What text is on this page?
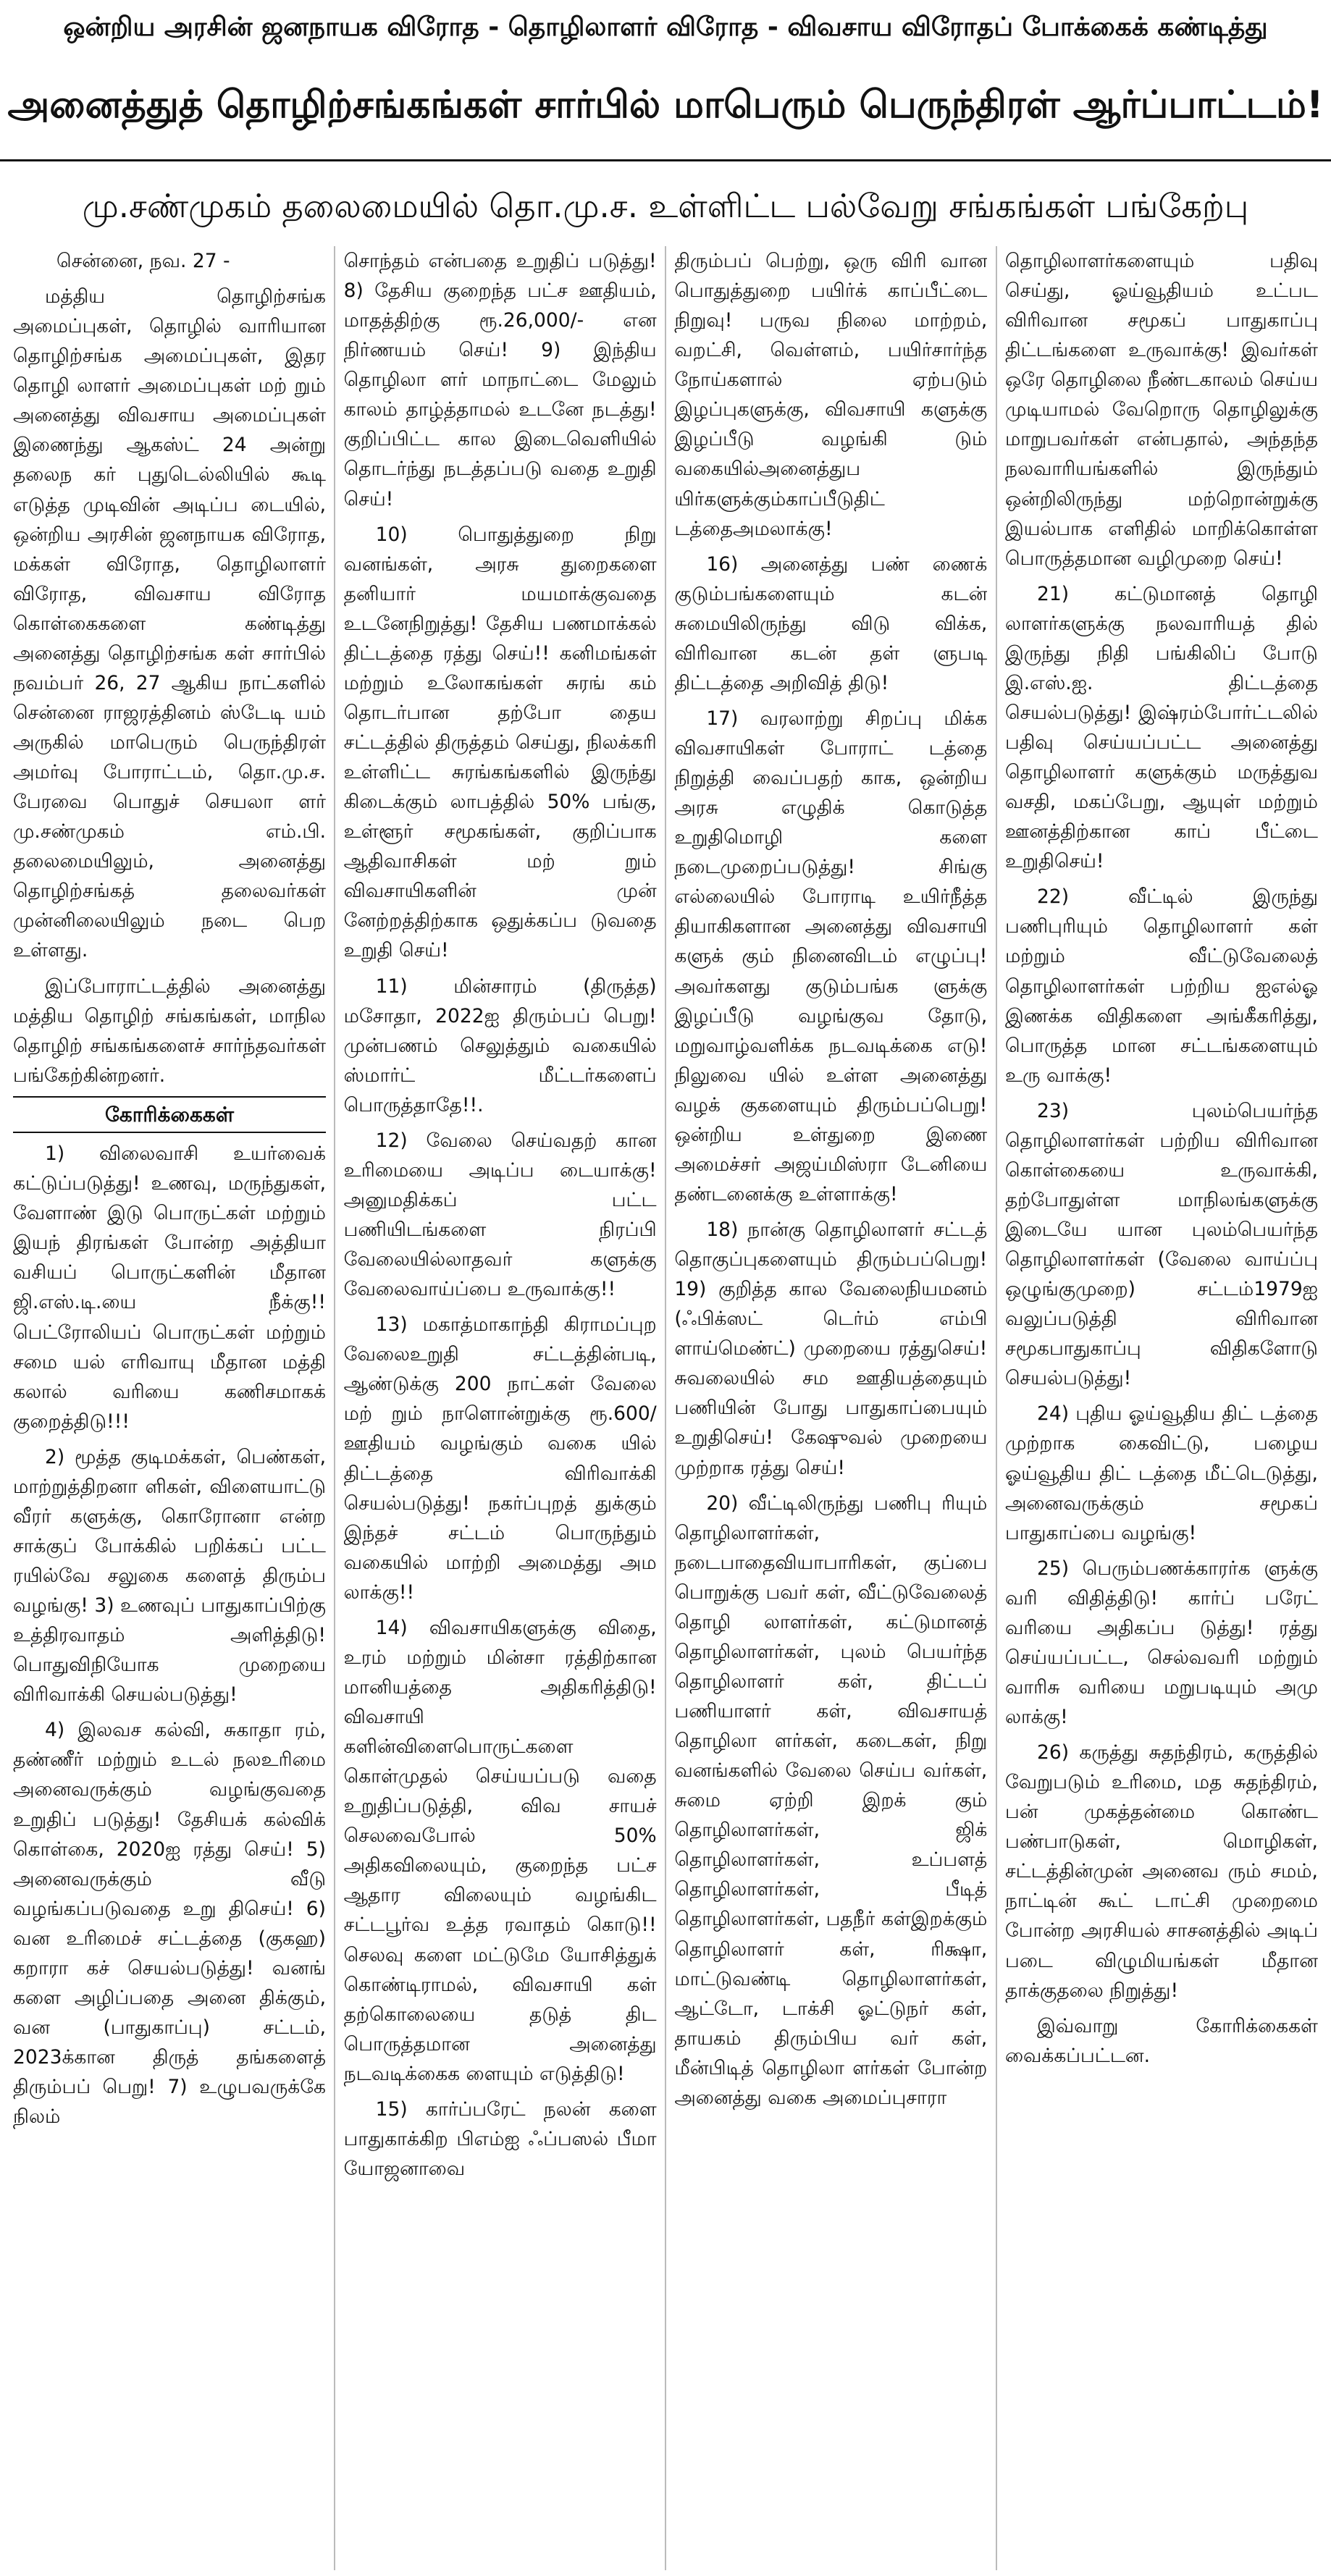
ஒன்றிய அரசின் ஜனநாயக விரோத - தொழிலாளர் விரோத - விவசாய விரோதப் போக்கைக் கண்டித்து
அனைத்துத் தொழிற்சங்கங்கள் சார்பில் மாபெரும் பெருந்திரள் ஆர்ப்பாட்டம்!
மு.சண்முகம் தலைமையில் தொ.மு.ச. உள்ளிட்ட பல்வேறு சங்கங்கள் பங்கேற்பு

சென்னை, நவ. 27 -

மத்திய தொழிற்சங்க அமைப்புகள், தொழில் வாரியான தொழிற்சங்க அமைப்புகள், இதர தொழி லாளர் அமைப்புகள் மற் றும் அனைத்து விவசாய அமைப்புகள் இணைந்து ஆகஸ்ட் 24 அன்று தலைந கர் புதுடெல்லியில் கூடி எடுத்த முடிவின் அடிப்ப டையில், ஒன்றிய அரசின் ஜனநாயக விரோத, மக்கள் விரோத, தொழிலாளர் விரோத, விவசாய விரோத கொள்கைகளை கண்டித்து அனைத்து தொழிற்சங்க கள் சார்பில் நவம்பர் 26, 27 ஆகிய நாட்களில் சென்னை ராஜரத்தினம் ஸ்டேடி யம் அருகில் மாபெரும் பெருந்திரள் அமர்வு போராட்டம், தொ.மு.ச. பேரவை பொதுச் செயலா ளர் மு.சண்முகம் எம்.பி. தலைமையிலும், அனைத்து தொழிற்சங்கத் தலைவர்கள் முன்னிலையிலும் நடை பெற உள்ளது.

இப்போராட்டத்தில் அனைத்து மத்திய தொழிற் சங்கங்கள், மாநில தொழிற் சங்கங்களைச் சார்ந்தவர்கள் பங்கேற்கின்றனர்.

கோரிக்கைகள்

1) விலைவாசி உயர்வைக் கட்டுப்படுத்து! உணவு, மருந்துகள், வேளாண் இடு பொருட்கள் மற்றும் இயந் திரங்கள் போன்ற அத்தியா வசியப் பொருட்களின் மீதான ஜி.எஸ்.டி.யை நீக்கு!! பெட்ரோலியப் பொருட்கள் மற்றும் சமை யல் எரிவாயு மீதான மத்தி கலால் வரியை கணிசமாகக் குறைத்திடு!!!

2) மூத்த குடிமக்கள், பெண்கள், மாற்றுத்திறனா ளிகள், விளையாட்டு வீரர் களுக்கு, கொரோனா என்ற சாக்குப் போக்கில் பறிக்கப் பட்ட ரயில்வே சலுகை களைத் திரும்ப வழங்கு! 3) உணவுப் பாதுகாப்பிற்கு உத்திரவாதம் அளித்திடு! பொதுவிநியோக முறையை விரிவாக்கி செயல்படுத்து!

4) இலவச கல்வி, சுகாதா ரம், தண்ணீர் மற்றும் உடல் நலஉரிமை அனைவருக்கும் வழங்குவதை உறுதிப் படுத்து! தேசியக் கல்விக் கொள்கை, 2020ஐ ரத்து செய்! 5) அனைவருக்கும் வீடு வழங்கப்படுவதை உறு திசெய்! 6) வன உரிமைச் சட்டத்தை (குகஹ) கறாரா கச் செயல்படுத்து! வனங் களை அழிப்பதை அனை திக்கும், வன (பாதுகாப்பு) சட்டம், 2023க்கான திருத் தங்களைத் திரும்பப் பெறு! 7) உழுபவருக்கே நிலம்

சொந்தம் என்பதை உறுதிப் படுத்து! 8) தேசிய குறைந்த பட்ச ஊதியம், மாதத்திற்கு ரூ.26,000/- என நிர்ணயம் செய்! 9) இந்திய தொழிலா ளர் மாநாட்டை மேலும் காலம் தாழ்த்தாமல் உடனே நடத்து! குறிப்பிட்ட கால இடைவெளியில் தொடர்ந்து நடத்தப்படு வதை உறுதி செய்!

10) பொதுத்துறை நிறு வனங்கள், அரசு துறைகளை தனியார் மயமாக்குவதை உடனேநிறுத்து! தேசிய பணமாக்கல் திட்டத்தை ரத்து செய்!! கனிமங்கள் மற்றும் உலோகங்கள் சுரங் கம் தொடர்பான தற்போ தைய சட்டத்தில் திருத்தம் செய்து, நிலக்கரி உள்ளிட்ட சுரங்கங்களில் இருந்து கிடைக்கும் லாபத்தில் 50% பங்கு, உள்ளூர் சமூகங்கள், குறிப்பாக ஆதிவாசிகள் மற் றும் விவசாயிகளின் முன் னேற்றத்திற்காக ஒதுக்கப்ப டுவதை உறுதி செய்!

11) மின்சாரம் (திருத்த) மசோதா, 2022ஐ திரும்பப் பெறு! முன்பணம் செலுத்தும் வகையில் ஸ்மார்ட் மீட்டர்களைப் பொருத்தாதே!!.

12) வேலை செய்வதற் கான உரிமையை அடிப்ப டையாக்கு! அனுமதிக்கப் பட்ட பணியிடங்களை நிரப்பி வேலையில்லாதவர் களுக்கு வேலைவாய்ப்பை உருவாக்கு!!

13) மகாத்மாகாந்தி கிராமப்புற வேலைஉறுதி சட்டத்தின்படி, ஆண்டுக்கு 200 நாட்கள் வேலை மற் றும் நாளொன்றுக்கு ரூ.600/ ஊதியம் வழங்கும் வகை யில் திட்டத்தை விரிவாக்கி செயல்படுத்து! நகர்ப்புறத் துக்கும் இந்தச் சட்டம் பொருந்தும் வகையில் மாற்றி அமைத்து அம லாக்கு!!

14) விவசாயிகளுக்கு விதை, உரம் மற்றும் மின்சா ரத்திற்கான மானியத்தை அதிகரித்திடு! விவசாயி களின்விளைபொருட்களை கொள்முதல் செய்யப்படு வதை உறுதிப்படுத்தி, விவ சாயச் செலவைபோல் 50% அதிகவிலையும், குறைந்த பட்ச ஆதார விலையும் வழங்கிட சட்டபூர்வ உத்த ரவாதம் கொடு!! செலவு களை மட்டுமே யோசித்துக் கொண்டிராமல், விவசாயி கள் தற்கொலையை தடுத் திட பொருத்தமான அனைத்து நடவடிக்கைக ளையும் எடுத்திடு!

15) கார்ப்பரேட் நலன் களை பாதுகாக்கிற பிஎம்ஐ ஃப்பஸல் பீமா யோஜனாவை

திரும்பப் பெற்று, ஒரு விரி வான பொதுத்துறை பயிர்க் காப்பீட்டை நிறுவு! பருவ நிலை மாற்றம், வறட்சி, வெள்ளம், பயிர்சார்ந்த நோய்களால் ஏற்படும் இழப்புகளுக்கு, விவசாயி களுக்கு இழப்பீடு வழங்கி டும் வகையில்அனைத்துப யிர்களுக்கும்காப்பீடுதிட் டத்தைஅமலாக்கு!

16) அனைத்து பண் ணைக் குடும்பங்களையும் கடன் சுமையிலிருந்து விடு விக்க, விரிவான கடன் தள் ளுபடி திட்டத்தை அறிவித் திடு!

17) வரலாற்று சிறப்பு மிக்க விவசாயிகள் போராட் டத்தை நிறுத்தி வைப்பதற் காக, ஒன்றிய அரசு எழுதிக் கொடுத்த உறுதிமொழி களை நடைமுறைப்படுத்து! சிங்கு எல்லையில் போராடி உயிர்நீத்த தியாகிகளான அனைத்து விவசாயி களுக் கும் நினைவிடம் எழுப்பு! அவர்களது குடும்பங்க ளுக்கு இழப்பீடு வழங்குவ தோடு, மறுவாழ்வளிக்க நடவடிக்கை எடு! நிலுவை யில் உள்ள அனைத்து வழக் குகளையும் திரும்பப்பெறு! ஒன்றிய உள்துறை இணை அமைச்சர் அஜய்மிஸ்ரா டேனியை தண்டனைக்கு உள்ளாக்கு!

18) நான்கு தொழிலாளர் சட்டத் தொகுப்புகளையும் திரும்பப்பெறு! 19) குறித்த கால வேலைநியமனம் (ஃபிக்ஸட் டெர்ம் எம்பி ளாய்மெண்ட்) முறையை ரத்துசெய்! சுவலையில் சம ஊதியத்தையும் பணியின் போது பாதுகாப்பையும் உறுதிசெய்! கேஷுவல் முறையை முற்றாக ரத்து செய்!

20) வீட்டிலிருந்து பணிபு ரியும் தொழிலாளர்கள், நடைபாதைவியாபாரிகள், குப்பை பொறுக்கு பவர் கள், வீட்டுவேலைத் தொழி லாளர்கள், கட்டுமானத் தொழிலாளர்கள், புலம் பெயர்ந்த தொழிலாளர் கள், திட்டப் பணியாளர் கள், விவசாயத் தொழிலா ளர்கள், கடைகள், நிறு வனங்களில் வேலை செய்ப வர்கள், சுமை ஏற்றி இறக் கும் தொழிலாளர்கள், ஜிக் தொழிலாளர்கள், உப்பளத் தொழிலாளர்கள், பீடித் தொழிலாளர்கள், பதநீர் கள்இறக்கும் தொழிலாளர் கள், ரிக்ஷா, மாட்டுவண்டி தொழிலாளர்கள், ஆட்டோ, டாக்சி ஓட்டுநர் கள், தாயகம் திரும்பிய வர் கள், மீன்பிடித் தொழிலா ளர்கள் போன்ற அனைத்து வகை அமைப்புசாரா

தொழிலாளர்களையும் பதிவு செய்து, ஓய்வூதியம் உட்பட விரிவான சமூகப் பாதுகாப்பு திட்டங்களை உருவாக்கு! இவர்கள் ஒரே தொழிலை நீண்டகாலம் செய்ய முடியாமல் வேறொரு தொழிலுக்கு மாறுபவர்கள் என்பதால், அந்தந்த நலவாரியங்களில் இருந்தும் ஒன்றிலிருந்து மற்றொன்றுக்கு இயல்பாக எளிதில் மாறிக்கொள்ள பொருத்தமான வழிமுறை செய்!

21) கட்டுமானத் தொழி லாளர்களுக்கு நலவாரியத் தில் இருந்து நிதி பங்கிலிப் போடு இ.எஸ்.ஐ. திட்டத்தை செயல்படுத்து! இஷ்ரம்போர்ட்டலில் பதிவு செய்யப்பட்ட அனைத்து தொழிலாளர் களுக்கும் மருத்துவ வசதி, மகப்பேறு, ஆயுள் மற்றும் ஊனத்திற்கான காப் பீட்டை உறுதிசெய்!

22) வீட்டில் இருந்து பணிபுரியும் தொழிலாளர் கள் மற்றும் வீட்டுவேலைத் தொழிலாளர்கள் பற்றிய ஐஎல்ஓ இணக்க விதிகளை அங்கீகரித்து, பொருத்த மான சட்டங்களையும் உரு வாக்கு!

23) புலம்பெயர்ந்த தொழிலாளர்கள் பற்றிய விரிவான கொள்கையை உருவாக்கி, தற்போதுள்ள மாநிலங்களுக்கு இடையே யான புலம்பெயர்ந்த தொழிலாளர்கள் (வேலை வாய்ப்பு ஒழுங்குமுறை) சட்டம்1979ஐ வலுப்படுத்தி விரிவான சமூகபாதுகாப்பு விதிகளோடு செயல்படுத்து!

24) புதிய ஓய்வூதிய திட் டத்தை முற்றாக கைவிட்டு, பழைய ஓய்வூதிய திட் டத்தை மீட்டெடுத்து, அனைவருக்கும் சமூகப் பாதுகாப்பை வழங்கு!

25) பெரும்பணக்காரர்க ளுக்கு வரி விதித்திடு! கார்ப் பரேட் வரியை அதிகப்ப டுத்து! ரத்து செய்யப்பட்ட, செல்வவரி மற்றும் வாரிசு வரியை மறுபடியும் அமு லாக்கு!

26) கருத்து சுதந்திரம், கருத்தில் வேறுபடும் உரிமை, மத சுதந்திரம், பன் முகத்தன்மை கொண்ட பண்பாடுகள், மொழிகள், சட்டத்தின்முன் அனைவ ரும் சமம், நாட்டின் கூட் டாட்சி முறைமை போன்ற அரசியல் சாசனத்தில் அடிப் படை விழுமியங்கள் மீதான தாக்குதலை நிறுத்து!

இவ்வாறு கோரிக்கைகள் வைக்கப்பட்டன.
